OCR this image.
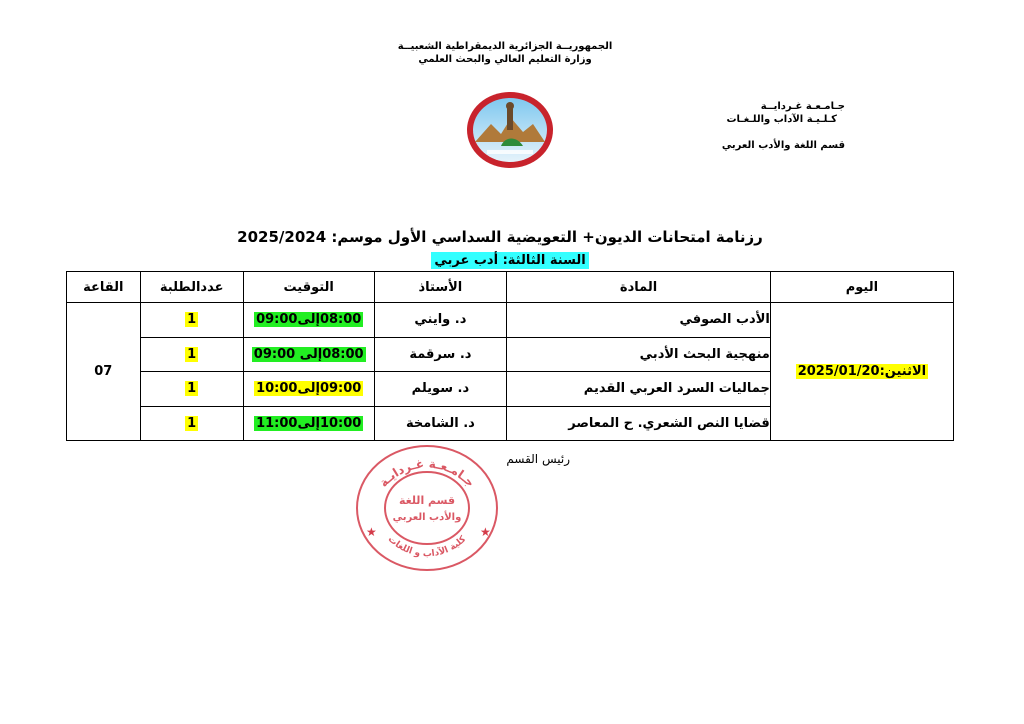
الجمهوريــة الجزائرية الديمقراطية الشعبيــة
وزارة التعليم العالي والبحث العلمي
جـامـعـة غـردايــة
كـلـيـة الآداب واللـغـات
قسم اللغة والأدب العربي
رزنامة امتحانات الديون+ التعويضية السداسي الأول موسم: 2025/2024
السنة الثالثة: أدب عربي
اليوم	المادة	الأستاذ	التوقيت	عددالطلبة	القاعة
الاثنين:2025/01/20	الأدب الصوفي	د. وايني	08:00إلى09:00	1	07
	منهجية البحث الأدبي	د. سرقمة	08:00إلى 09:00	1	
	جماليات السرد العربي القديم	د. سويلم	09:00إلى10:00	1	
	قضايا النص الشعري. ح المعاصر	د. الشامخة	10:00إلى11:00	1	
رئيس القسم
جـامـعـة غـردايـة
كلية الآداب و اللغات
قسم اللغة
والأدب العربي
★	★
